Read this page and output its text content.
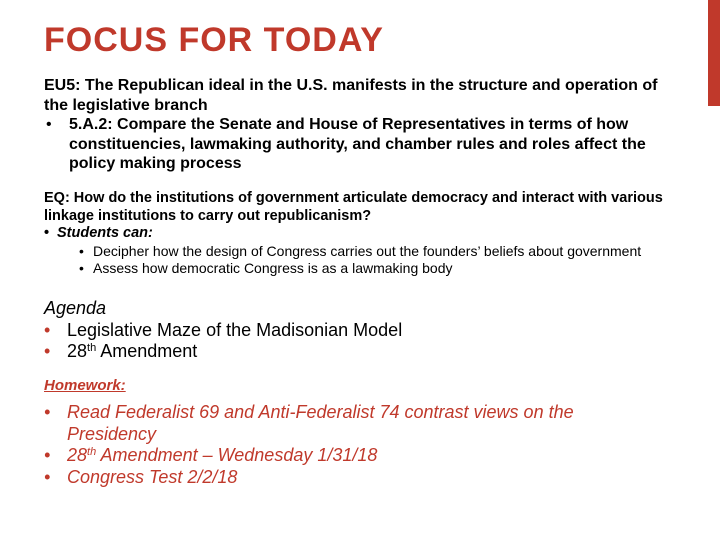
FOCUS FOR TODAY
EU5: The Republican ideal in the U.S. manifests in the structure and operation of the legislative branch
• 5.A.2: Compare the Senate and House of Representatives in terms of how constituencies, lawmaking authority, and chamber rules and roles affect the policy making process
EQ: How do the institutions of government articulate democracy and interact with various linkage institutions to carry out republicanism?
• Students can:
• Decipher how the design of Congress carries out the founders’ beliefs about government
• Assess how democratic Congress is as a lawmaking body
Agenda
• Legislative Maze of the Madisonian Model
• 28th Amendment
Homework:
• Read Federalist 69 and Anti-Federalist 74 contrast views on the Presidency
• 28th Amendment – Wednesday 1/31/18
• Congress Test 2/2/18
